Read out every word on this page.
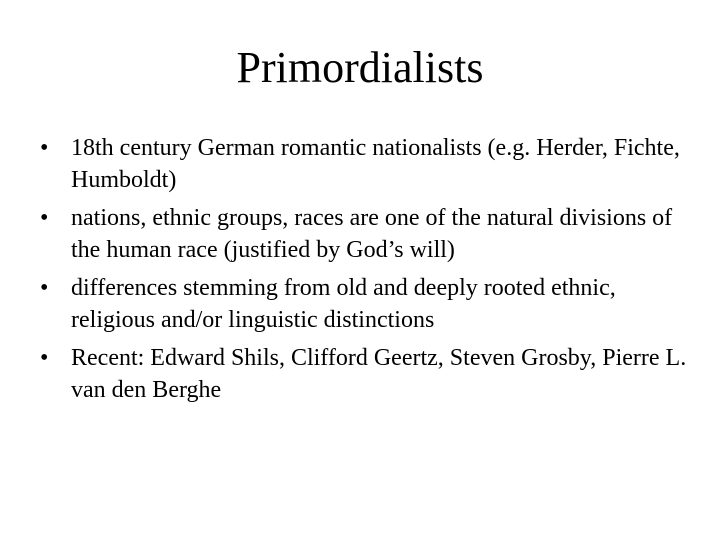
Primordialists
• 18th century German romantic nationalists (e.g. Herder, Fichte, Humboldt)
• nations, ethnic groups, races are one of the natural divisions of the human race (justified by God’s will)
• differences stemming from old and deeply rooted ethnic, religious and/or linguistic distinctions
• Recent: Edward Shils, Clifford Geertz, Steven Grosby, Pierre L. van den Berghe
